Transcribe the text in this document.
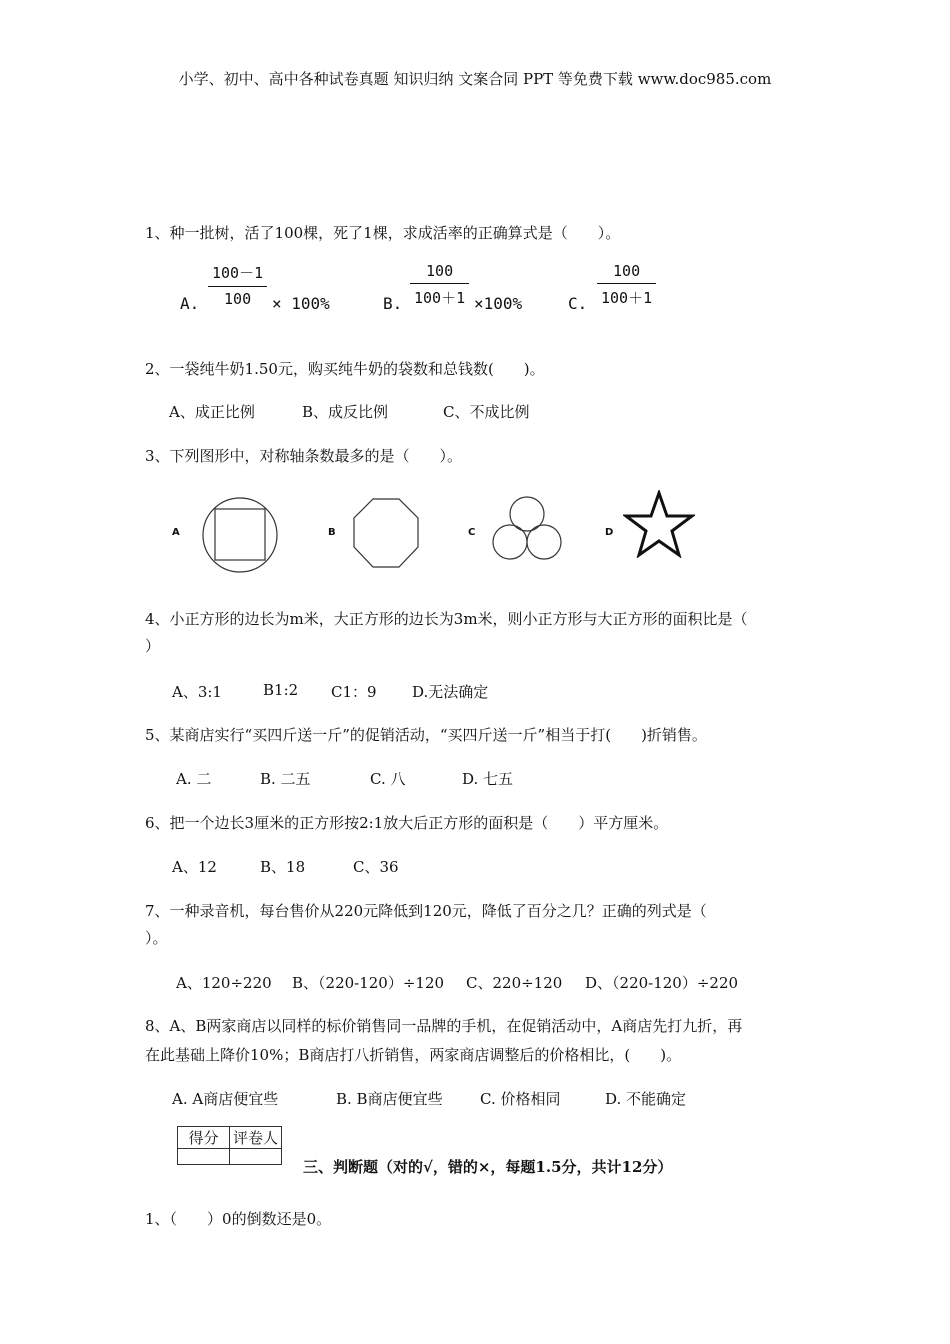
小学、初中、高中各种试卷真题 知识归纳 文案合同 PPT 等免费下载 www.doc985.com
1、种一批树，活了100棵，死了1棵，求成活率的正确算式是（　　）。
A. $\frac{100-1}{100} \times 100\%$	B. $\frac{100}{100+1} \times 100\%$	C. $\frac{100}{100+1}$
2、一袋纯牛奶1.50元，购买纯牛奶的袋数和总钱数(　　)。
A、成正比例	B、成反比例	C、不成比例
3、下列图形中，对称轴条数最多的是（　　）。
A	B	C	D
4、小正方形的边长为m米，大正方形的边长为3m米，则小正方形与大正方形的面积比是（
）
A、3:1	B1:2 C1：9 D.无法确定
5、某商店实行“买四斤送一斤”的促销活动，“买四斤送一斤”相当于打(　　)折销售。
A. 二	B. 二五	C. 八	D. 七五
6、把一个边长3厘米的正方形按2:1放大后正方形的面积是（　　）平方厘米。
A、12	B、18	C、36
7、一种录音机，每台售价从220元降低到120元，降低了百分之几？正确的列式是（
）。
A、120÷220 B、（220-120）÷120 C、220÷120 D、（220-120）÷220
8、A、B两家商店以同样的标价销售同一品牌的手机，在促销活动中，A商店先打九折，再
在此基础上降价10%；B商店打八折销售，两家商店调整后的价格相比，(　　)。
A. A商店便宜些	B. B商店便宜些 C. 价格相同	D. 不能确定
得分	评卷人

三、判断题（对的√，错的×，每题1.5分，共计12分）
1、（　　）0的倒数还是0。
